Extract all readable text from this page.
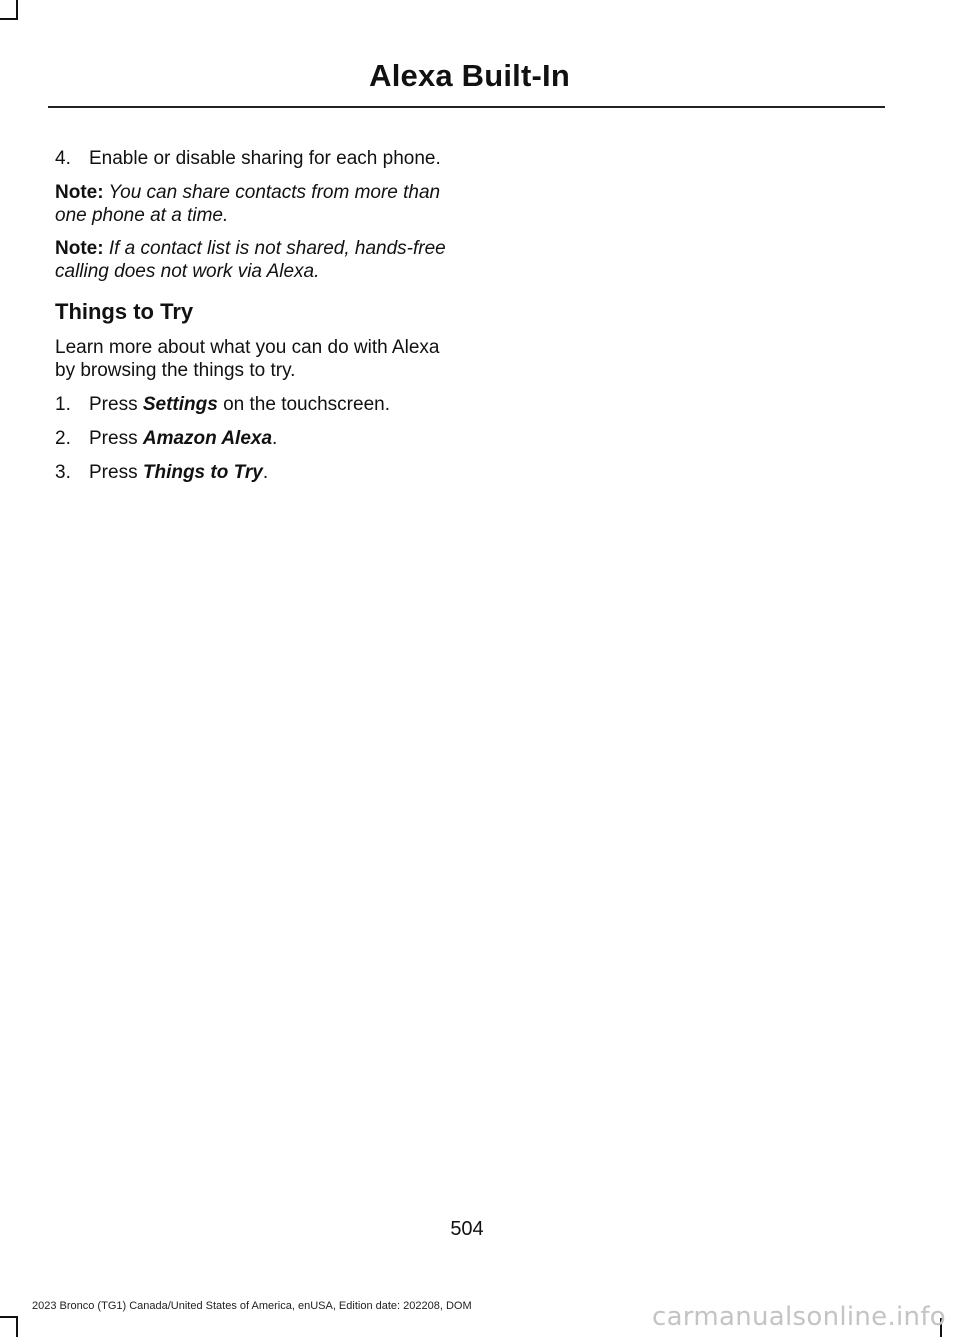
Alexa Built-In
4. Enable or disable sharing for each phone.
Note: You can share contacts from more than one phone at a time.
Note: If a contact list is not shared, hands-free calling does not work via Alexa.
Things to Try
Learn more about what you can do with Alexa by browsing the things to try.
1. Press Settings on the touchscreen.
2. Press Amazon Alexa.
3. Press Things to Try.
504
2023 Bronco (TG1) Canada/United States of America, enUSA, Edition date: 202208, DOM	carmanualsonline.info
